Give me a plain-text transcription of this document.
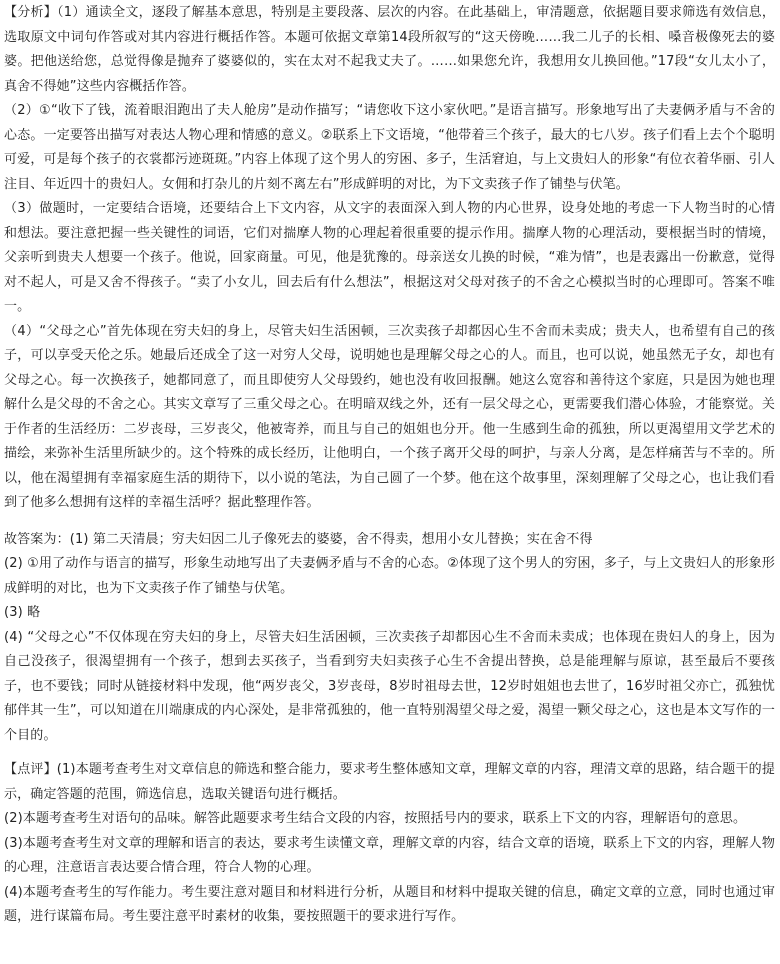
【分析】（1）通读全文，逐段了解基本意思，特别是主要段落、层次的内容。在此基础上，审清题意，依据题目要求筛选有效信息，选取原文中词句作答或对其内容进行概括作答。本题可依据文章第14段所叙写的“这天傍晚……我二儿子的长相、嗓音极像死去的婆婆。把他送给您，总觉得像是抛弃了婆婆似的，实在太对不起我丈夫了。……如果您允许，我想用女儿换回他。”17段“女儿太小了，真舍不得她”这些内容概括作答。

（2）①“收下了钱，流着眼泪跑出了夫人舱房”是动作描写；“请您收下这小家伙吧。”是语言描写。形象地写出了夫妻俩矛盾与不舍的心态。一定要答出描写对表达人物心理和情感的意义。②联系上下文语境，“他带着三个孩子，最大的七八岁。孩子们看上去个个聪明可爱，可是每个孩子的衣裳都污迹斑斑。”内容上体现了这个男人的穷困、多子，生活窘迫，与上文贵妇人的形象“有位衣着华丽、引人注目、年近四十的贵妇人。女佣和打杂儿的片刻不离左右”形成鲜明的对比，为下文卖孩子作了铺垫与伏笔。

（3）做题时，一定要结合语境，还要结合上下文内容，从文字的表面深入到人物的内心世界，设身处地的考虑一下人物当时的心情和想法。要注意把握一些关键性的词语，它们对揣摩人物的心理起着很重要的提示作用。揣摩人物的心理活动，要根据当时的情境，父亲听到贵夫人想要一个孩子。他说，回家商量。可见，他是犹豫的。母亲送女儿换的时候，“难为情”，也是表露出一份歉意，觉得对不起人，可是又舍不得孩子。“卖了小女儿，回去后有什么想法”，根据这对父母对孩子的不舍之心模拟当时的心理即可。答案不唯一。

（4）“父母之心”首先体现在穷夫妇的身上，尽管夫妇生活困顿，三次卖孩子却都因心生不舍而未卖成；贵夫人，也希望有自己的孩子，可以享受天伦之乐。她最后还成全了这一对穷人父母，说明她也是理解父母之心的人。而且，也可以说，她虽然无子女，却也有父母之心。每一次换孩子，她都同意了，而且即使穷人父母毁约，她也没有收回报酬。她这么宽容和善待这个家庭，只是因为她也理解什么是父母的不舍之心。其实文章写了三重父母之心。在明暗双线之外，还有一层父母之心，更需要我们潜心体验，才能察觉。关于作者的生活经历：二岁丧母，三岁丧父，他被寄养，而且与自己的姐姐也分开。他一生感到生命的孤独，所以更渴望用文学艺术的描绘，来弥补生活里所缺少的。这个特殊的成长经历，让他明白，一个孩子离开父母的呵护，与亲人分离，是怎样痛苦与不幸的。所以，他在渴望拥有幸福家庭生活的期待下，以小说的笔法，为自己圆了一个梦。他在这个故事里，深刻理解了父母之心，也让我们看到了他多么想拥有这样的幸福生活呼？据此整理作答。

故答案为：(1) 第二天清晨；穷夫妇因二儿子像死去的婆婆，舍不得卖，想用小女儿替换；实在舍不得

(2) ①用了动作与语言的描写，形象生动地写出了夫妻俩矛盾与不舍的心态。②体现了这个男人的穷困，多子，与上文贵妇人的形象形成鲜明的对比，也为下文卖孩子作了铺垫与伏笔。

(3) 略

(4) “父母之心”不仅体现在穷夫妇的身上，尽管夫妇生活困顿，三次卖孩子却都因心生不舍而未卖成；也体现在贵妇人的身上，因为自己没孩子，很渴望拥有一个孩子，想到去买孩子，当看到穷夫妇卖孩子心生不舍提出替换，总是能理解与原谅，甚至最后不要孩子，也不要钱；同时从链接材料中发现，他“两岁丧父，3岁丧母，8岁时祖母去世，12岁时姐姐也去世了，16岁时祖父亦亡，孤独忧郁伴其一生”，可以知道在川端康成的内心深处，是非常孤独的，他一直特别渴望父母之爱，渴望一颗父母之心，这也是本文写作的一个目的。

【点评】(1)本题考查考生对文章信息的筛选和整合能力，要求考生整体感知文章，理解文章的内容，理清文章的思路，结合题干的提示，确定答题的范围，筛选信息，选取关键语句进行概括。

(2)本题考查考生对语句的品味。解答此题要求考生结合文段的内容，按照括号内的要求，联系上下文的内容，理解语句的意思。

(3)本题考查考生对文章的理解和语言的表达，要求考生读懂文章，理解文章的内容，结合文章的语境，联系上下文的内容，理解人物的心理，注意语言表达要合情合理，符合人物的心理。

(4)本题考查考生的写作能力。考生要注意对题目和材料进行分析，从题目和材料中提取关键的信息，确定文章的立意，同时也通过审题，进行谋篇布局。考生要注意平时素材的收集，要按照题干的要求进行写作。
